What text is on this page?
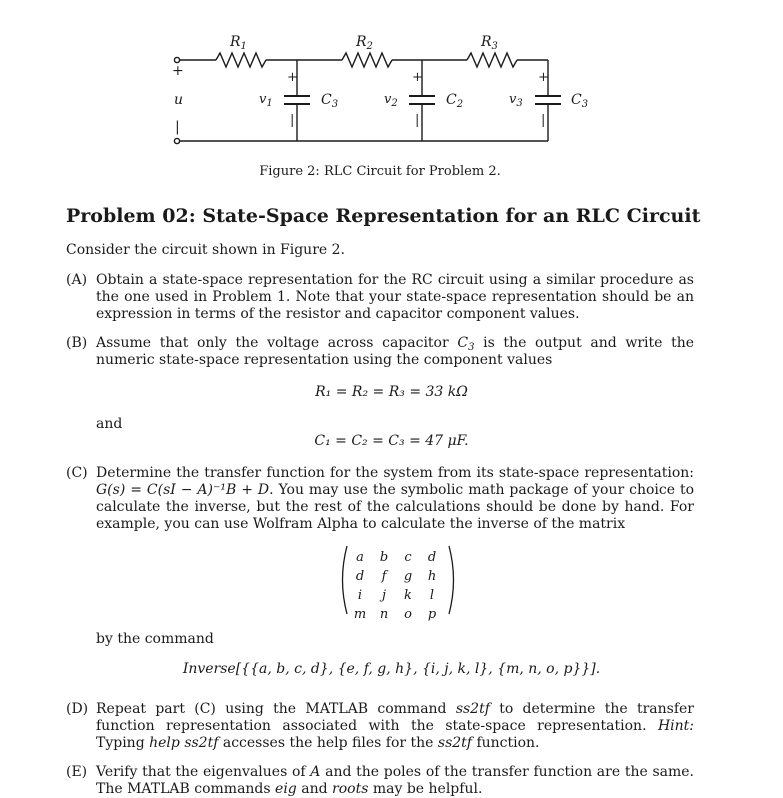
$R_1$	$R_2$	$R_3$
+
u
|
+
|
+
|
+
|
$v_1$	$v_2$	$v_3$
$C_3$	$C_2$	$C_3$
Figure 2: RLC Circuit for Problem 2.
Problem 02: State-Space Representation for an RLC Circuit
Consider the circuit shown in Figure 2.
(A) Obtain a state-space representation for the RC circuit using a similar procedure as the one used in Problem 1. Note that your state-space representation should be an expression in terms of the resistor and capacitor component values.
(B) Assume that only the voltage across capacitor $C_3$ is the output and write the numeric state-space representation using the component values
R₁ = R₂ = R₃ = 33 kΩ
and
C₁ = C₂ = C₃ = 47 μF.
(C) Determine the transfer function for the system from its state-space representation: G(s) = C(sI − A)⁻¹B + D. You may use the symbolic math package of your choice to calculate the inverse, but the rest of the calculations should be done by hand. For example, you can use Wolfram Alpha to calculate the inverse of the matrix
a b c d
d f g h
i j k l
m n o p
by the command
Inverse[{{a, b, c, d}, {e, f, g, h}, {i, j, k, l}, {m, n, o, p}}].
(D) Repeat part (C) using the MATLAB command ss2tf to determine the transfer function representation associated with the state-space representation. Hint: Typing help ss2tf accesses the help files for the ss2tf function.
(E) Verify that the eigenvalues of A and the poles of the transfer function are the same. The MATLAB commands eig and roots may be helpful.
